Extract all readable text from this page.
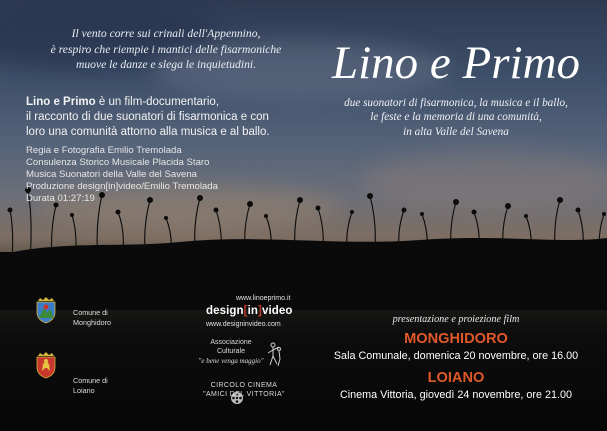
Il vento corre sui crinali dell'Appennino,
è respiro che riempie i mantici delle fisarmoniche
muove le danze e slega le inquietudini.
Lino e Primo è un film-documentario,
il racconto di due suonatori di fisarmonica e con
loro una comunità attorno alla musica e al ballo.
Regia e Fotografia Emilio Tremolada
Consulenza Storico Musicale Placida Staro
Musica Suonatori della Valle del Savena
Produzione design[in]video/Emilio Tremolada
Durata 01:27:19
Lino e Primo
due suonatori di fisarmonica, la musica e il ballo,
le feste e la memoria di una comunità,
in alta Valle del Savena
Comune di
Monghidoro
Comune di
Loiano
www.linoeprimo.it
design[in]video
www.designinvideo.com
Associazione
Culturale
"e bene venga maggio"
CIRCOLO CINEMA
"AMICI DEL VITTORIA"
presentazione e proiezione film
MONGHIDORO
Sala Comunale, domenica 20 novembre, ore 16.00
LOIANO
Cinema Vittoria, giovedì 24 novembre, ore 21.00
